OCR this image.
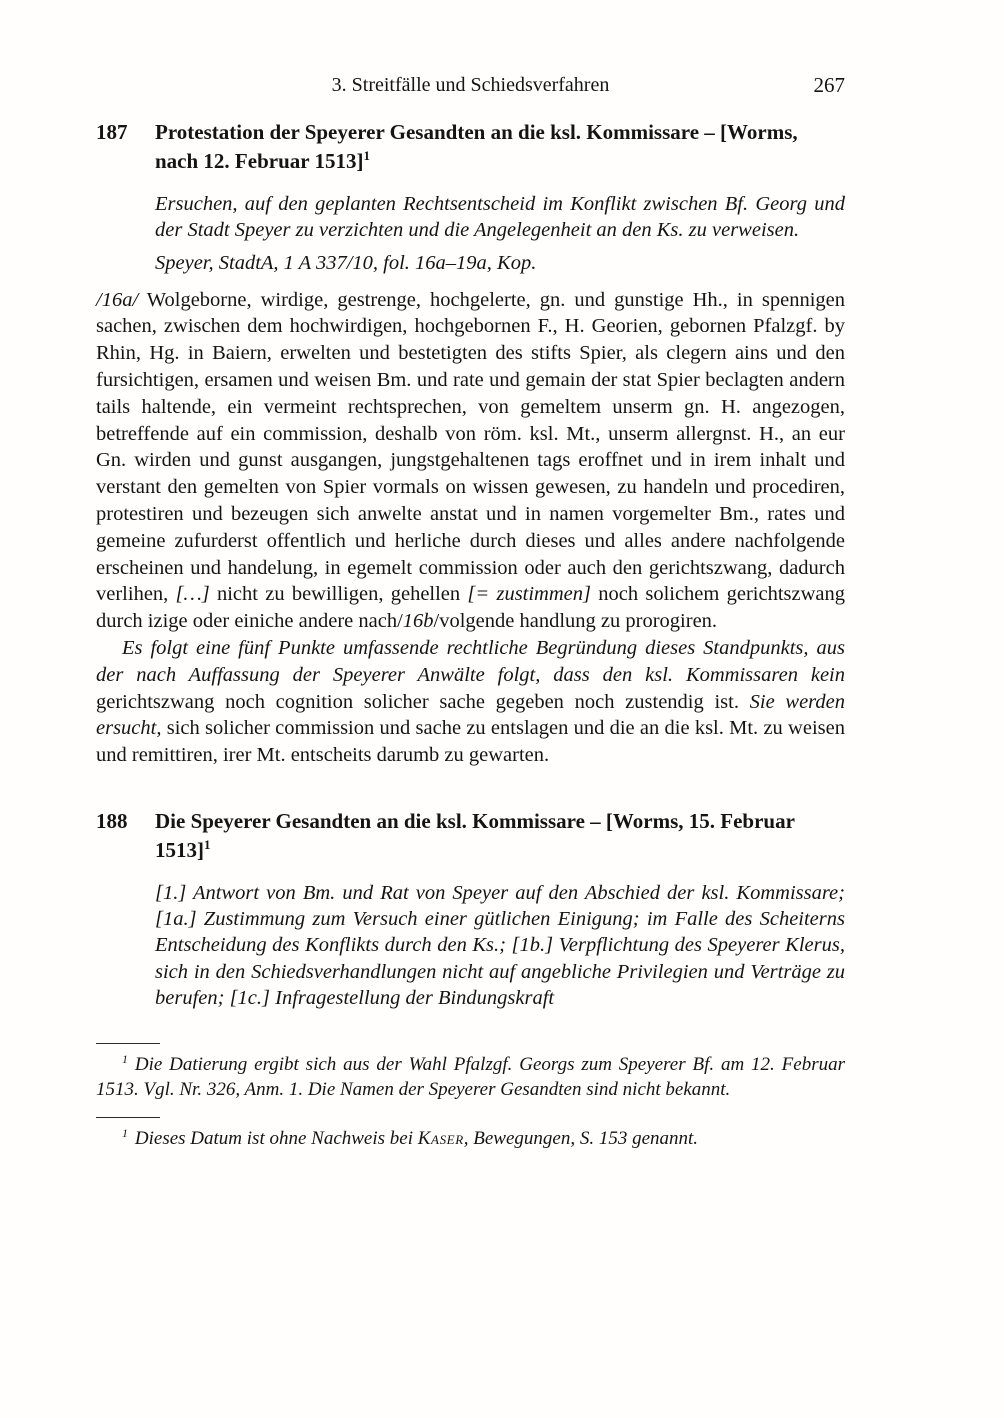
3. Streitfälle und Schiedsverfahren	267
187	Protestation der Speyerer Gesandten an die ksl. Kommissare – [Worms, nach 12. Februar 1513]$^1$

Ersuchen, auf den geplanten Rechtsentscheid im Konflikt zwischen Bf. Georg und der Stadt Speyer zu verzichten und die Angelegenheit an den Ks. zu verweisen.

Speyer, StadtA, 1 A 337/10, fol. 16a–19a, Kop.

/16a/ Wolgeborne, wirdige, gestrenge, hochgelerte, gn. und gunstige Hh., in spennigen sachen, zwischen dem hochwirdigen, hochgebornen F., H. Georien, gebornen Pfalzgf. by Rhin, Hg. in Baiern, erwelten und bestetigten des stifts Spier, als clegern ains und den fursichtigen, ersamen und weisen Bm. und rate und gemain der stat Spier beclagten andern tails haltende, ein vermeint rechtsprechen, von gemeltem unserm gn. H. angezogen, betreffende auf ein commission, deshalb von röm. ksl. Mt., unserm allergnst. H., an eur Gn. wirden und gunst ausgangen, jungstgehaltenen tags eroffnet und in irem inhalt und verstant den gemelten von Spier vormals on wissen gewesen, zu handeln und procediren, protestiren und bezeugen sich anwelte anstat und in namen vorgemelter Bm., rates und gemeine zufurderst offentlich und herliche durch dieses und alles andere nachfolgende erscheinen und handelung, in egemelt commission oder auch den gerichtszwang, dadurch verlihen, […] nicht zu bewilligen, gehellen [= zustimmen] noch solichem gerichtszwang durch izige oder einiche andere nach/16b/volgende handlung zu prorogiren.

Es folgt eine fünf Punkte umfassende rechtliche Begründung dieses Standpunkts, aus der nach Auffassung der Speyerer Anwälte folgt, dass den ksl. Kommissaren kein gerichtszwang noch cognition solicher sache gegeben noch zustendig ist. Sie werden ersucht, sich solicher commission und sache zu entslagen und die an die ksl. Mt. zu weisen und remittiren, irer Mt. entscheits darumb zu gewarten.

188	Die Speyerer Gesandten an die ksl. Kommissare – [Worms, 15. Februar 1513]$^1$

[1.] Antwort von Bm. und Rat von Speyer auf den Abschied der ksl. Kommissare; [1a.] Zustimmung zum Versuch einer gütlichen Einigung; im Falle des Scheiterns Entscheidung des Konflikts durch den Ks.; [1b.] Verpflichtung des Speyerer Klerus, sich in den Schiedsverhandlungen nicht auf angebliche Privilegien und Verträge zu berufen; [1c.] Infragestellung der Bindungskraft

$^1$ Die Datierung ergibt sich aus der Wahl Pfalzgf. Georgs zum Speyerer Bf. am 12. Februar 1513. Vgl. Nr. 326, Anm. 1. Die Namen der Speyerer Gesandten sind nicht bekannt.

$^1$ Dieses Datum ist ohne Nachweis bei Kaser, Bewegungen, S. 153 genannt.
